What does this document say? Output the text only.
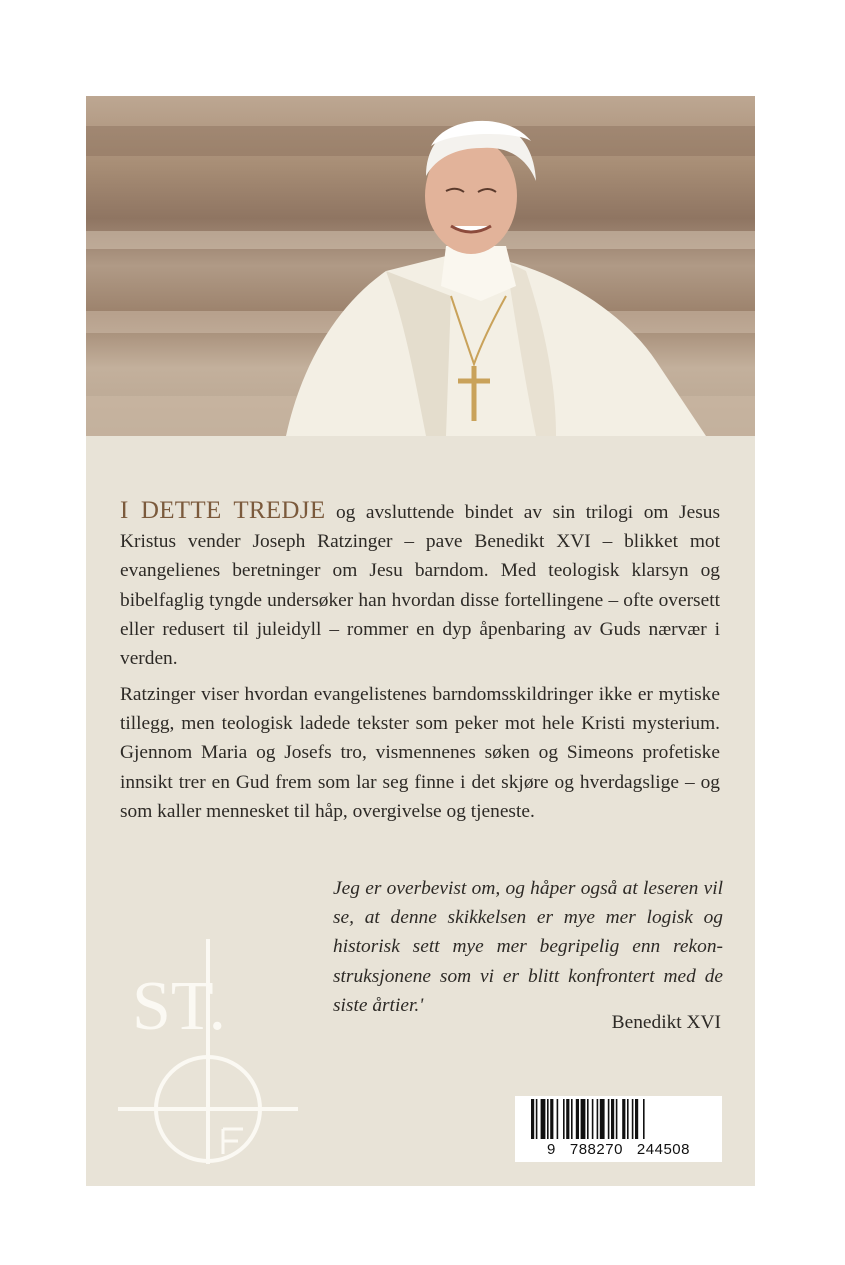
I DETTE TREDJE og avsluttende bindet av sin trilogi om Jesus Kristus vender Joseph Ratzinger – pave Benedikt XVI – blikket mot evangelienes beretninger om Jesu barndom. Med teologisk klarsyn og bibelfaglig tyngde undersøker han hvordan disse fortellingene – ofte oversett eller redusert til juleidyll – rommer en dyp åpenbaring av Guds nærvær i verden.

Ratzinger viser hvordan evangelistenes barndomsskildringer ikke er mytiske tillegg, men teologisk ladede tekster som peker mot hele Kristi mysterium. Gjennom Maria og Josefs tro, vismennenes søken og Simeons profetiske innsikt trer en Gud frem som lar seg finne i det skjøre og hverdagslige – og som kaller mennesket til håp, overgivelse og tjeneste.

Jeg er overbevist om, og håper også at leseren vil se, at denne skikkelsen er mye mer logisk og historisk sett mye mer begripelig enn rekon- struksjonene som vi er blitt konfrontert med de siste årtier.'

Benedikt XVI

ST.
9   788270   244508
